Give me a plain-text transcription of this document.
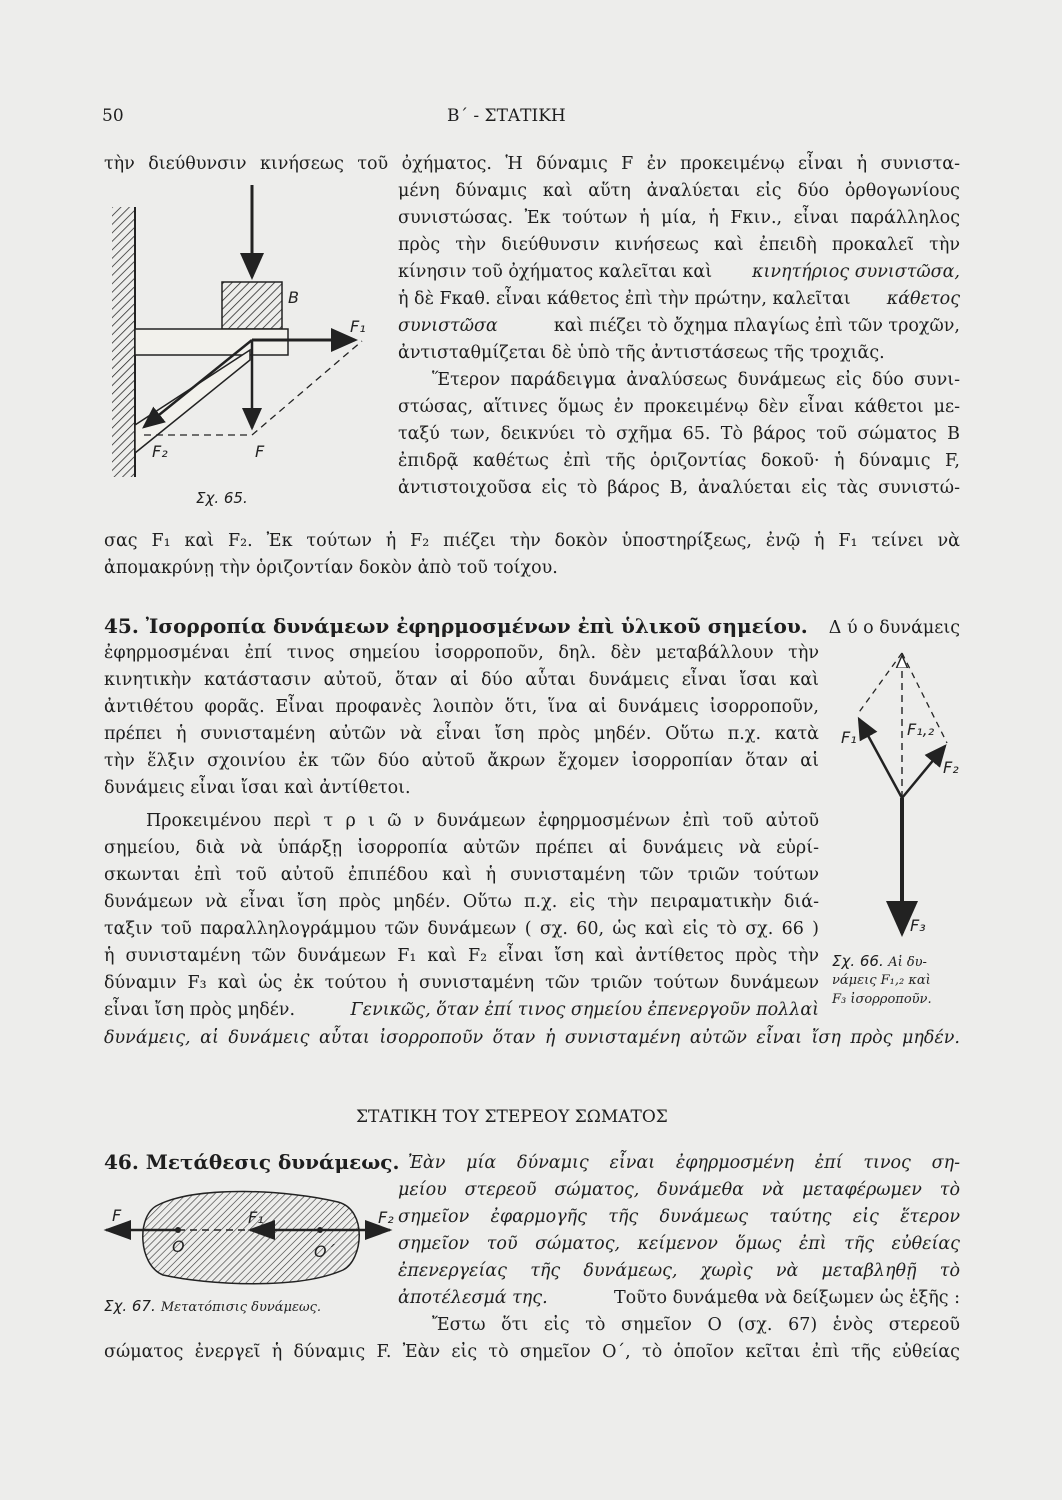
50	Β΄ - ΣΤΑΤΙΚΗ
τὴν διεύθυνσιν κινήσεως τοῦ ὀχήματος. Ἡ δύναμις F ἐν προκειμένῳ εἶναι ἡ συνιστα-
μένη δύναμις καὶ αὕτη ἀναλύεται εἰς δύο ὀρθογωνίους
συνιστώσας. Ἐκ τούτων ἡ μία, ἡ Fκιν., εἶναι παράλληλος
πρὸς τὴν διεύθυνσιν κινήσεως καὶ ἐπειδὴ προκαλεῖ τὴν
κίνησιν τοῦ ὀχήματος καλεῖται καὶ κινητήριος συνιστῶσα,
ἡ δὲ Fκαθ. εἶναι κάθετος ἐπὶ τὴν πρώτην, καλεῖται κάθετος
συνιστῶσα	καὶ πιέζει τὸ ὄχημα πλαγίως ἐπὶ τῶν τροχῶν,
ἀντισταθμίζεται δὲ ὑπὸ τῆς ἀντιστάσεως τῆς τροχιᾶς.
Ἕτερον παράδειγμα ἀναλύσεως δυνάμεως εἰς δύο συνι-
στώσας, αἵτινες ὅμως ἐν προκειμένῳ δὲν εἶναι κάθετοι με-
ταξύ των, δεικνύει τὸ σχῆμα 65. Τὸ βάρος τοῦ σώματος B
ἐπιδρᾷ καθέτως ἐπὶ τῆς ὁριζοντίας δοκοῦ· ἡ δύναμις F,
ἀντιστοιχοῦσα εἰς τὸ βάρος B, ἀναλύεται εἰς τὰς συνιστώ-
σας F₁ καὶ F₂. Ἐκ τούτων ἡ F₂ πιέζει τὴν δοκὸν ὑποστηρίξεως, ἐνῷ ἡ F₁ τείνει νὰ
ἀπομακρύνῃ τὴν ὁριζοντίαν δοκὸν ἀπὸ τοῦ τοίχου.
B
F₁
F
F₂
Σχ. 65.
45. Ἰσορροπία δυνάμεων ἐφηρμοσμένων ἐπὶ ὑλικοῦ σημείου. Δ ύ ο δυνάμεις
ἐφηρμοσμέναι ἐπί τινος σημείου ἰσορροποῦν, δηλ. δὲν μεταβάλλουν τὴν
κινητικὴν κατάστασιν αὐτοῦ, ὅταν αἱ δύο αὗται δυνάμεις εἶναι ἴσαι καὶ
ἀντιθέτου φορᾶς. Εἶναι προφανὲς λοιπὸν ὅτι, ἵνα αἱ δυνάμεις ἰσορροποῦν,
πρέπει ἡ συνισταμένη αὐτῶν νὰ εἶναι ἴση πρὸς μηδέν. Οὕτω π.χ. κατὰ
τὴν ἕλξιν σχοινίου ἐκ τῶν δύο αὐτοῦ ἄκρων ἔχομεν ἰσορροπίαν ὅταν αἱ
δυνάμεις εἶναι ἴσαι καὶ ἀντίθετοι.
Προκειμένου περὶ τ ρ ι ῶ ν δυνάμεων ἐφηρμοσμένων ἐπὶ τοῦ αὐτοῦ
σημείου, διὰ νὰ ὑπάρξῃ ἰσορροπία αὐτῶν πρέπει αἱ δυνάμεις νὰ εὑρί-
σκωνται ἐπὶ τοῦ αὐτοῦ ἐπιπέδου καὶ ἡ συνισταμένη τῶν τριῶν τούτων
δυνάμεων νὰ εἶναι ἴση πρὸς μηδέν. Οὕτω π.χ. εἰς τὴν πειραματικὴν διά-
ταξιν τοῦ παραλληλογράμμου τῶν δυνάμεων ( σχ. 60, ὡς καὶ εἰς τὸ σχ. 66 )
ἡ συνισταμένη τῶν δυνάμεων F₁ καὶ F₂ εἶναι ἴση καὶ ἀντίθετος πρὸς τὴν
δύναμιν F₃ καὶ ὡς ἐκ τούτου ἡ συνισταμένη τῶν τριῶν τούτων δυνάμεων
εἶναι ἴση πρὸς μηδέν.	Γενικῶς, ὅταν ἐπί τινος σημείου ἐπενεργοῦν πολλαὶ
δυνάμεις, αἱ δυνάμεις αὗται ἰσορροποῦν ὅταν ἡ συνισταμένη αὐτῶν εἶναι ἴση πρὸς μηδέν.
F₁	F₁,₂
F₂
F₃
Σχ. 66. Αἱ δυ-
νάμεις F₁,₂ καὶ
F₃ ἰσορροποῦν.
ΣΤΑΤΙΚΗ ΤΟΥ ΣΤΕΡΕΟΥ ΣΩΜΑΤΟΣ
46. Μετάθεσις δυνάμεως. Ἐὰν μία δύναμις εἶναι ἐφηρμοσμένη ἐπί τινος ση-
μείου στερεοῦ σώματος, δυνάμεθα νὰ μεταφέρωμεν τὸ
σημεῖον ἐφαρμογῆς τῆς δυνάμεως ταύτης εἰς ἕτερον
σημεῖον τοῦ σώματος, κείμενον ὅμως ἐπὶ τῆς εὐθείας
ἐπενεργείας τῆς δυνάμεως, χωρὶς νὰ μεταβληθῇ τὸ
ἀποτέλεσμά της.	Τοῦτο δυνάμεθα νὰ δείξωμεν ὡς ἑξῆς :
Ἔστω ὅτι εἰς τὸ σημεῖον O (σχ. 67) ἑνὸς στερεοῦ
σώματος ἐνεργεῖ ἡ δύναμις F. Ἐὰν εἰς τὸ σημεῖον O΄, τὸ ὁποῖον κεῖται ἐπὶ τῆς εὐθείας
F	F₁	F₂
O	O΄
Σχ. 67. Μετατόπισις δυνάμεως.
